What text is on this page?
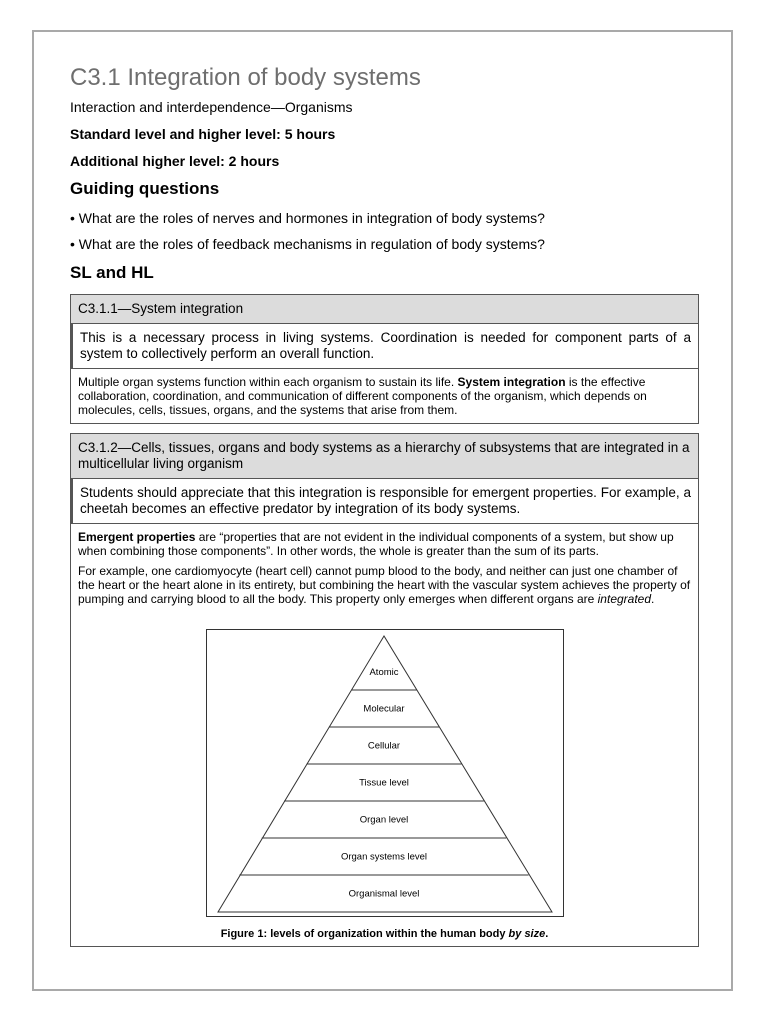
C3.1 Integration of body systems

Interaction and interdependence—Organisms

Standard level and higher level: 5 hours

Additional higher level: 2 hours

Guiding questions

• What are the roles of nerves and hormones in integration of body systems?

• What are the roles of feedback mechanisms in regulation of body systems?

SL and HL
C3.1.1—System integration
This is a necessary process in living systems. Coordination is needed for component parts of a system to collectively perform an overall function.

Multiple organ systems function within each organism to sustain its life. System integration is the effective collaboration, coordination, and communication of different components of the organism, which depends on molecules, cells, tissues, organs, and the systems that arise from them.

C3.1.2—Cells, tissues, organs and body systems as a hierarchy of subsystems that are integrated in a multicellular living organism
Students should appreciate that this integration is responsible for emergent properties. For example, a cheetah becomes an effective predator by integration of its body systems.

Emergent properties are “properties that are not evident in the individual components of a system, but show up when combining those components”. In other words, the whole is greater than the sum of its parts.

For example, one cardiomyocyte (heart cell) cannot pump blood to the body, and neither can just one chamber of the heart or the heart alone in its entirety, but combining the heart with the vascular system achieves the property of pumping and carrying blood to all the body. This property only emerges when different organs are integrated.

Atomic
Molecular
Cellular
Tissue level
Organ level
Organ systems level
Organismal level

Figure 1: levels of organization within the human body by size.
